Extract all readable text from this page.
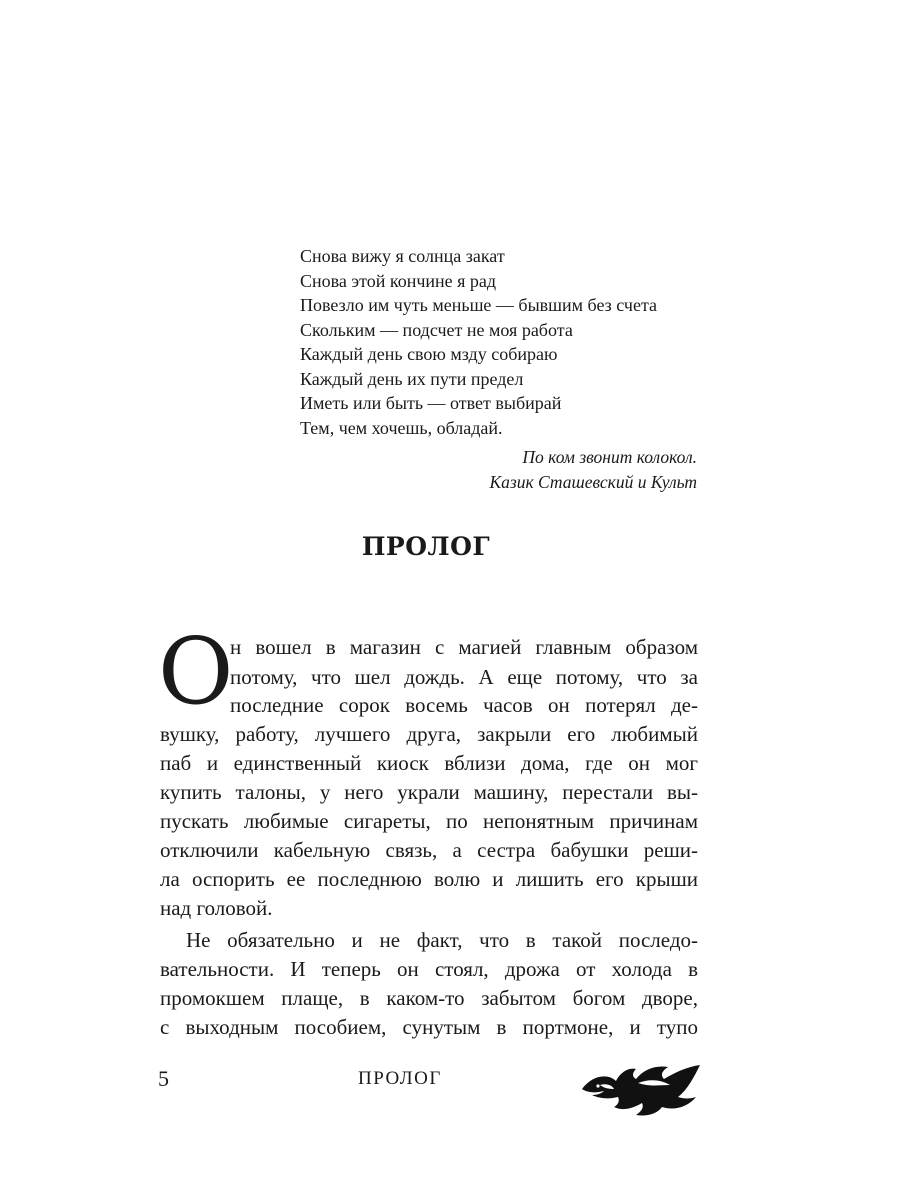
Снова вижу я солнца закат
Снова этой кончине я рад
Повезло им чуть меньше — бывшим без счета
Скольким — подсчет не моя работа
Каждый день свою мзду собираю
Каждый день их пути предел
Иметь или быть — ответ выбирай
Тем, чем хочешь, обладай.
По ком звонит колокол.
Казик Сташевский и Культ
ПРОЛОГ
О
н вошел в магазин с магией главным образом
потому, что шел дождь. А еще потому, что за
последние сорок восемь часов он потерял де-
вушку, работу, лучшего друга, закрыли его любимый
паб и единственный киоск вблизи дома, где он мог
купить талоны, у него украли машину, перестали вы-
пускать любимые сигареты, по непонятным причинам
отключили кабельную связь, а сестра бабушки реши-
ла оспорить ее последнюю волю и лишить его крыши
над головой.
Не обязательно и не факт, что в такой последо-
вательности. И теперь он стоял, дрожа от холода в
промокшем плаще, в каком-то забытом богом дворе,
с выходным пособием, сунутым в портмоне, и тупо
5	ПРОЛОГ
